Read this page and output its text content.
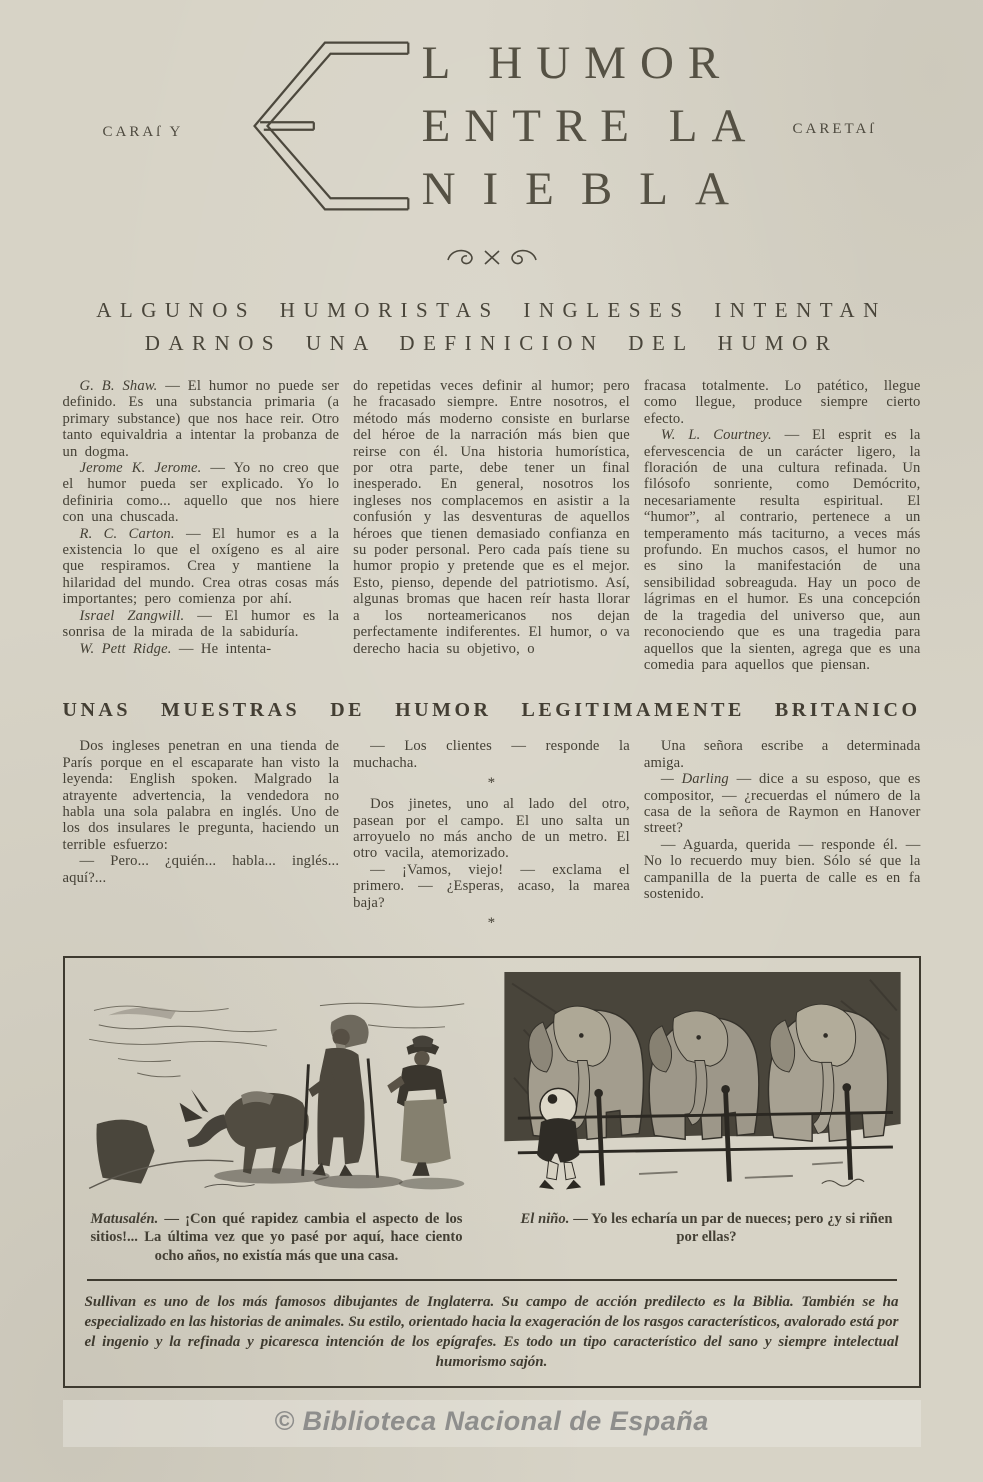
CARAſ Y	CARETAſ
L HUMOR
ENTRE LA
NIEBLA
ALGUNOS HUMORISTAS INGLESES INTENTAN
DARNOS UNA DEFINICION DEL HUMOR

G. B. Shaw. — El humor no puede ser definido. Es una substancia primaria (a primary substance) que nos hace reir. Otro tanto equivaldria a intentar la probanza de un dogma.

Jerome K. Jerome. — Yo no creo que el humor pueda ser explicado. Yo lo definiria como... aquello que nos hiere con una chuscada.

R. C. Carton. — El humor es a la existencia lo que el oxígeno es al aire que respiramos. Crea y mantiene la hilaridad del mundo. Crea otras cosas más importantes; pero comienza por ahí.

Israel Zangwill. — El humor es la sonrisa de la mirada de la sabiduría.

W. Pett Ridge. — He intenta-

do repetidas veces definir al humor; pero he fracasado siempre. Entre nosotros, el método más moderno consiste en burlarse del héroe de la narración más bien que reirse con él. Una historia humorística, por otra parte, debe tener un final inesperado. En general, nosotros los ingleses nos complacemos en asistir a la confusión y las desventuras de aquellos héroes que tienen demasiado confianza en su poder personal. Pero cada país tiene su humor propio y pretende que es el mejor. Esto, pienso, depende del patriotismo. Así, algunas bromas que hacen reír hasta llorar a los norteamericanos nos dejan perfectamente indiferentes. El humor, o va derecho hacia su objetivo, o

fracasa totalmente. Lo patético, llegue como llegue, produce siempre cierto efecto.

W. L. Courtney. — El esprit es la efervescencia de un carácter ligero, la floración de una cultura refinada. Un filósofo sonriente, como Demócrito, necesariamente resulta espiritual. El “humor”, al contrario, pertenece a un temperamento más taciturno, a veces más profundo. En muchos casos, el humor no es sino la manifestación de una sensibilidad sobreaguda. Hay un poco de lágrimas en el humor. Es una concepción de la tragedia del universo que, aun reconociendo que es una tragedia para aquellos que la sienten, agrega que es una comedia para aquellos que piensan.

UNAS MUESTRAS DE HUMOR LEGITIMAMENTE BRITANICO

Dos ingleses penetran en una tienda de París porque en el escaparate han visto la leyenda: English spoken. Malgrado la atrayente advertencia, la vendedora no habla una sola palabra en inglés. Uno de los dos insulares le pregunta, haciendo un terrible esfuerzo:

— Pero... ¿quién... habla... inglés... aquí?...

— Los clientes — responde la muchacha.

*

Dos jinetes, uno al lado del otro, pasean por el campo. El uno salta un arroyuelo no más ancho de un metro. El otro vacila, atemorizado.

— ¡Vamos, viejo! — exclama el primero. — ¿Esperas, acaso, la marea baja?

*

Una señora escribe a determinada amiga.

— Darling — dice a su esposo, que es compositor, — ¿recuerdas el número de la casa de la señora de Raymon en Hanover street?

— Aguarda, querida — responde él. — No lo recuerdo muy bien. Sólo sé que la campanilla de la puerta de calle es en fa sostenido.

Matusalén. — ¡Con qué rapidez cambia el aspecto de los sitios!... La última vez que yo pasé por aquí, hace ciento ocho años, no existía más que una casa.
El niño. — Yo les echaría un par de nueces; pero ¿y si riñen por ellas?
Sullivan es uno de los más famosos dibujantes de Inglaterra. Su campo de acción predilecto es la Biblia. También se ha especializado en las historias de animales. Su estilo, orientado hacia la exageración de los rasgos característicos, avalorado está por el ingenio y la refinada y picaresca intención de los epígrafes. Es todo un tipo característico del sano y siempre intelectual humorismo sajón.
© Biblioteca Nacional de España
